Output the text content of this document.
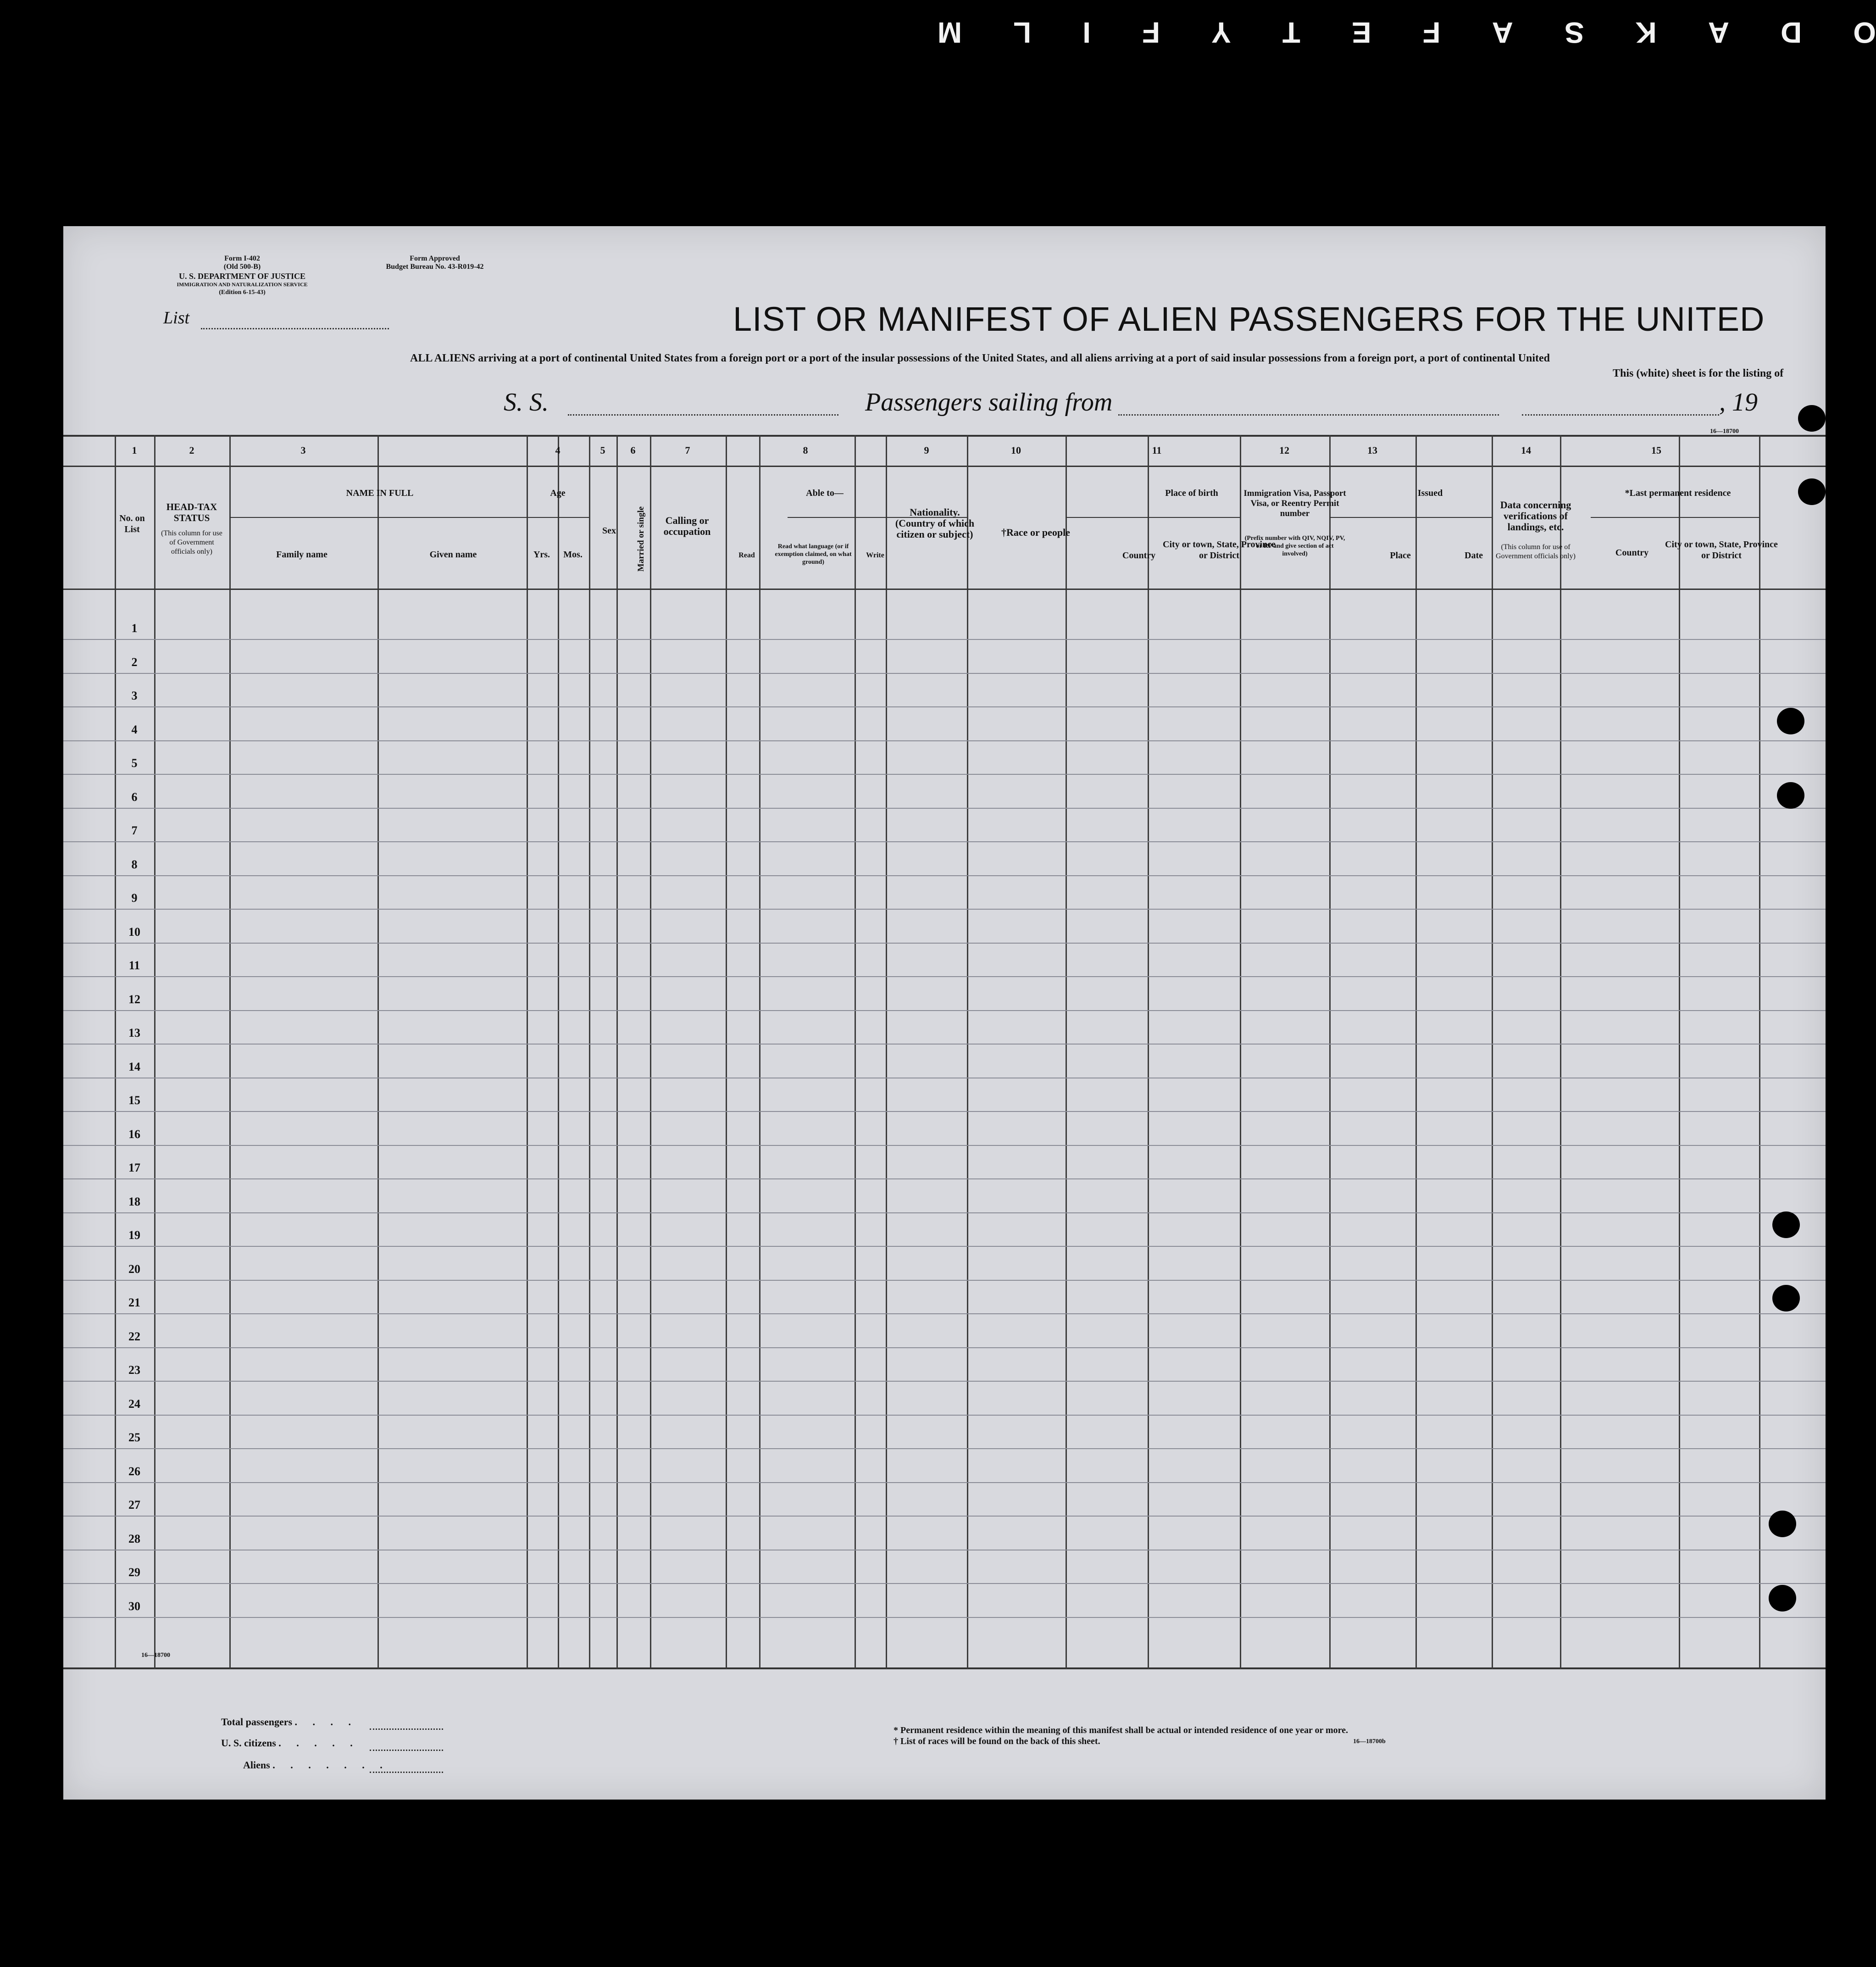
ODAKSAFETYFILM
Form I-402
(Old 500-B)
U. S. DEPARTMENT OF JUSTICE
IMMIGRATION AND NATURALIZATION SERVICE
(Edition 6-15-43)
Form Approved
Budget Bureau No. 43-R019-42
List	LIST OR MANIFEST OF ALIEN PASSENGERS FOR THE UNITED
ALL ALIENS arriving at a port of continental United States from a foreign port or a port of the insular possessions of the United States, and all aliens arriving at a port of said insular possessions from a foreign port, a port of continental United
This (white) sheet is for the listing of
S. S.	Passengers sailing from	, 19
16—18700
1	2	3	4	5	6	7	8	9	10	11	12	13	14	15
No. on List
HEAD-TAX STATUS
(This column for use of Government officials only)
NAME IN FULL
Family name	Given name
Age
Yrs.	Mos.
Sex	Married or single	Calling or occupation
Able to—
Read
Read what language (or if exemption claimed, on what ground)
Write
Nationality. (Country of which citizen or subject)	†Race or people
Place of birth
Country
City or town, State, Province or District
Immigration Visa, Passport Visa, or Reentry Permit number
(Prefix number with QIV, NQIV, PV, or RP and give section of act involved)
Issued
Place	Date
Data concerning verifications of landings, etc.
(This column for use of Government officials only)
*Last permanent residence
Country
City or town, State, Province or District
1
2
3
4
5
6
7
8
9
10
11
12
13
14
15
16
17
18
19
20
21
22
23
24
25
26
27
28
29
30
16—18700
Total passengers . . . .
U. S. citizens . . . . .
Aliens . . . . . . .
* Permanent residence within the meaning of this manifest shall be actual or intended residence of one year or more.
† List of races will be found on the back of this sheet.	16—18700b
